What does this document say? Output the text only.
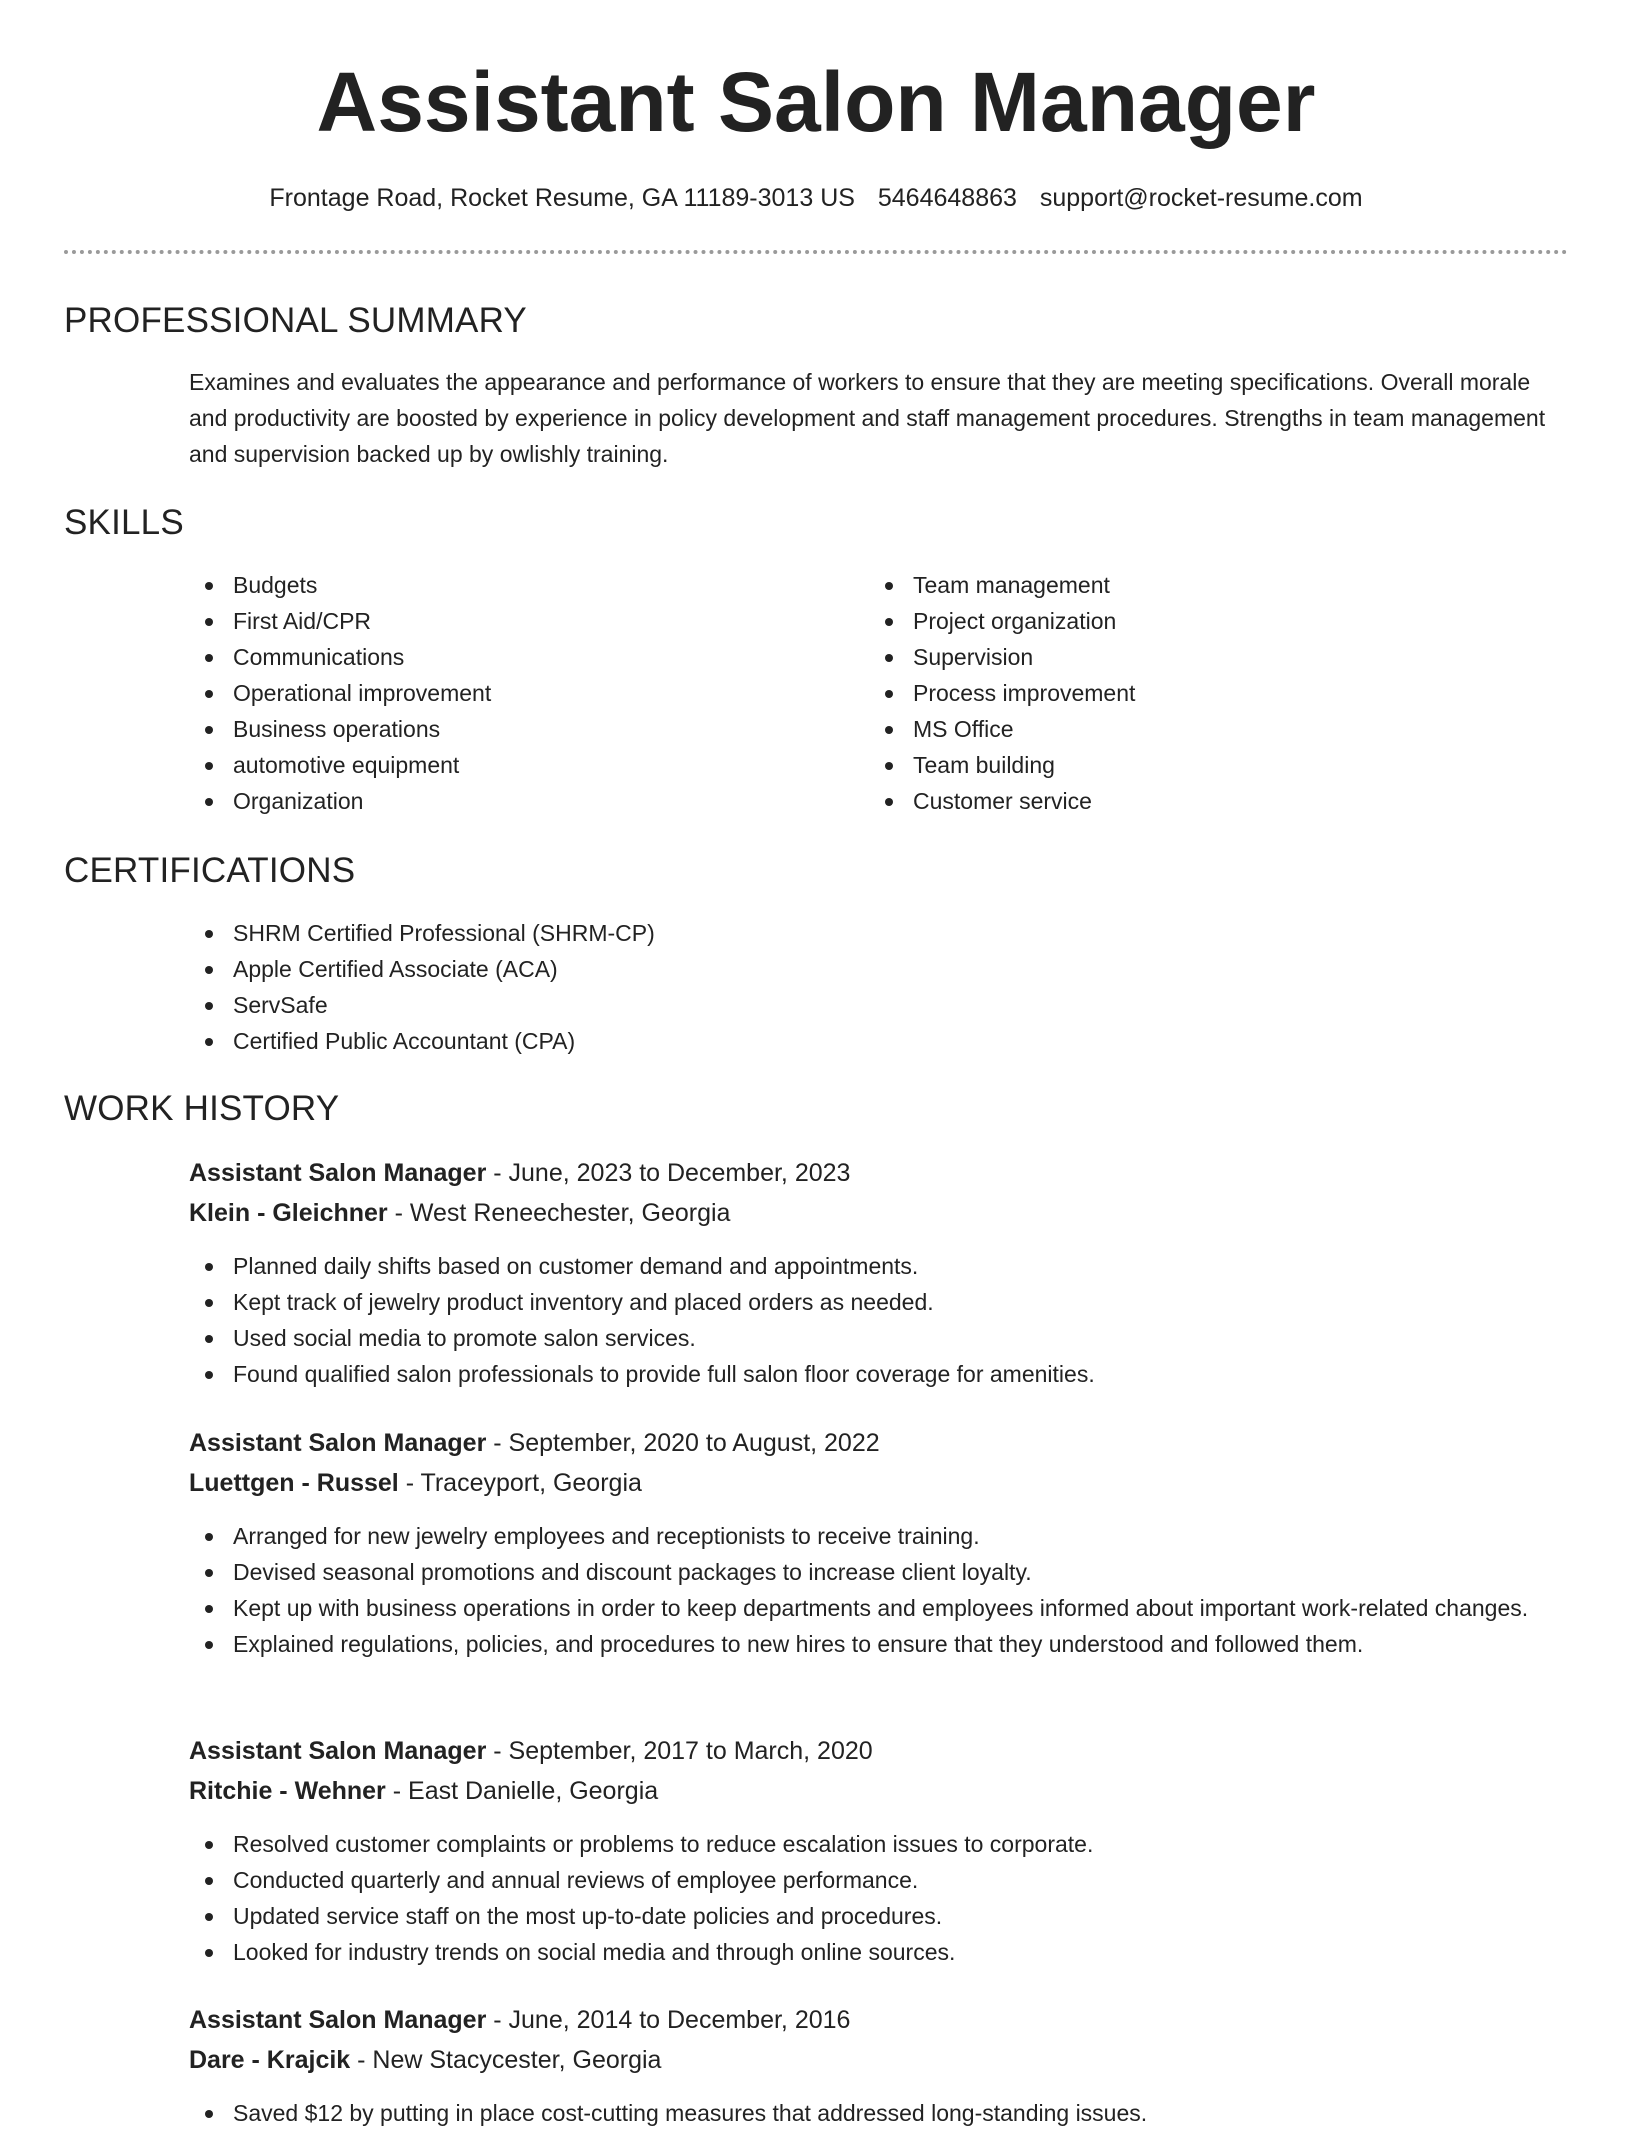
Assistant Salon Manager
Frontage Road, Rocket Resume, GA 11189-3013 US 5464648863 support@rocket-resume.com
PROFESSIONAL SUMMARY

Examines and evaluates the appearance and performance of workers to ensure that they are meeting specifications. Overall morale and productivity are boosted by experience in policy development and staff management procedures. Strengths in team management and supervision backed up by owlishly training.

SKILLS
Budgets
First Aid/CPR
Communications
Operational improvement
Business operations
automotive equipment
Organization
Team management
Project organization
Supervision
Process improvement
MS Office
Team building
Customer service
CERTIFICATIONS
SHRM Certified Professional (SHRM-CP)
Apple Certified Associate (ACA)
ServSafe
Certified Public Accountant (CPA)
WORK HISTORY

Assistant Salon Manager - June, 2023 to December, 2023

Klein - Gleichner - West Reneechester, Georgia

Planned daily shifts based on customer demand and appointments.
Kept track of jewelry product inventory and placed orders as needed.
Used social media to promote salon services.
Found qualified salon professionals to provide full salon floor coverage for amenities.

Assistant Salon Manager - September, 2020 to August, 2022

Luettgen - Russel - Traceyport, Georgia

Arranged for new jewelry employees and receptionists to receive training.
Devised seasonal promotions and discount packages to increase client loyalty.
Kept up with business operations in order to keep departments and employees informed about important work-related changes.
Explained regulations, policies, and procedures to new hires to ensure that they understood and followed them.

Assistant Salon Manager - September, 2017 to March, 2020

Ritchie - Wehner - East Danielle, Georgia

Resolved customer complaints or problems to reduce escalation issues to corporate.
Conducted quarterly and annual reviews of employee performance.
Updated service staff on the most up-to-date policies and procedures.
Looked for industry trends on social media and through online sources.

Assistant Salon Manager - June, 2014 to December, 2016

Dare - Krajcik - New Stacycester, Georgia

Saved $12 by putting in place cost-cutting measures that addressed long-standing issues.
